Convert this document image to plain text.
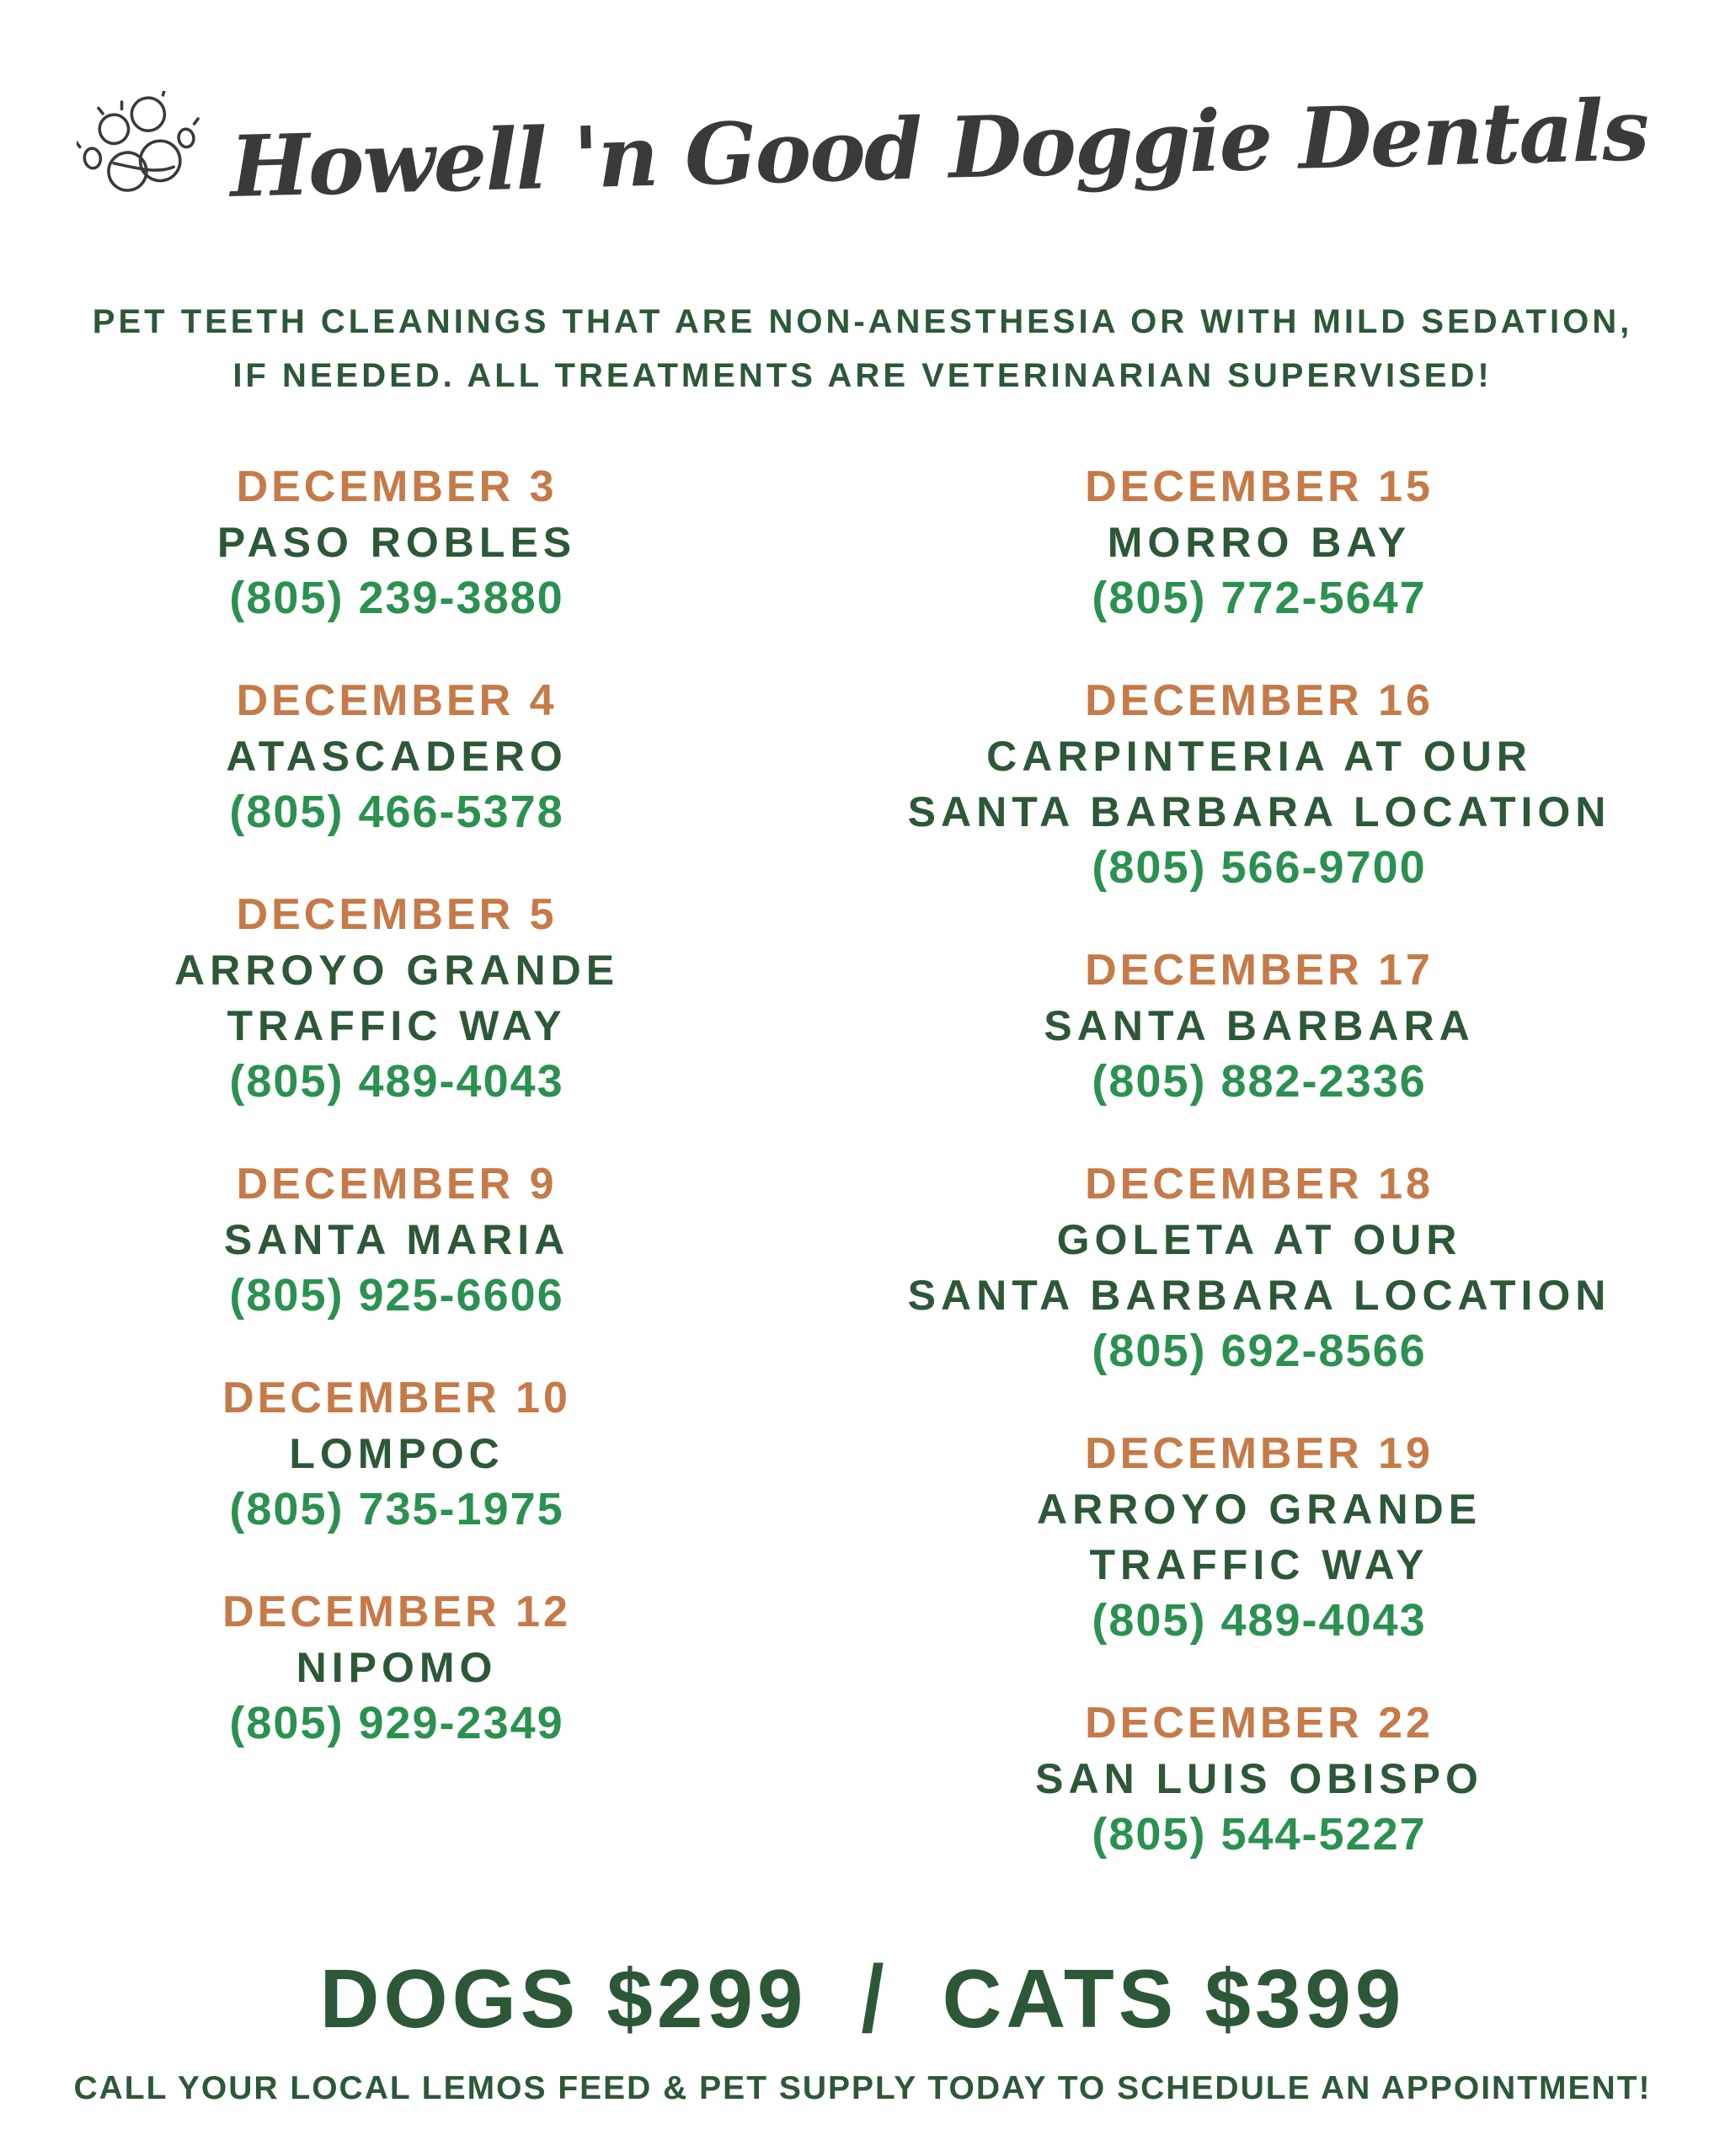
Howell 'n Good Doggie Dentals
PET TEETH CLEANINGS THAT ARE NON-ANESTHESIA OR WITH MILD SEDATION,
IF NEEDED. ALL TREATMENTS ARE VETERINARIAN SUPERVISED!
DECEMBER 3
PASO ROBLES
(805) 239-3880
DECEMBER 4
ATASCADERO
(805) 466-5378
DECEMBER 5
ARROYO GRANDE
TRAFFIC WAY
(805) 489-4043
DECEMBER 9
SANTA MARIA
(805) 925-6606
DECEMBER 10
LOMPOC
(805) 735-1975
DECEMBER 12
NIPOMO
(805) 929-2349
DECEMBER 15
MORRO BAY
(805) 772-5647
DECEMBER 16
CARPINTERIA AT OUR
SANTA BARBARA LOCATION
(805) 566-9700
DECEMBER 17
SANTA BARBARA
(805) 882-2336
DECEMBER 18
GOLETA AT OUR
SANTA BARBARA LOCATION
(805) 692-8566
DECEMBER 19
ARROYO GRANDE
TRAFFIC WAY
(805) 489-4043
DECEMBER 22
SAN LUIS OBISPO
(805) 544-5227
DOGS $299 / CATS $399
CALL YOUR LOCAL LEMOS FEED & PET SUPPLY TODAY TO SCHEDULE AN APPOINTMENT!
